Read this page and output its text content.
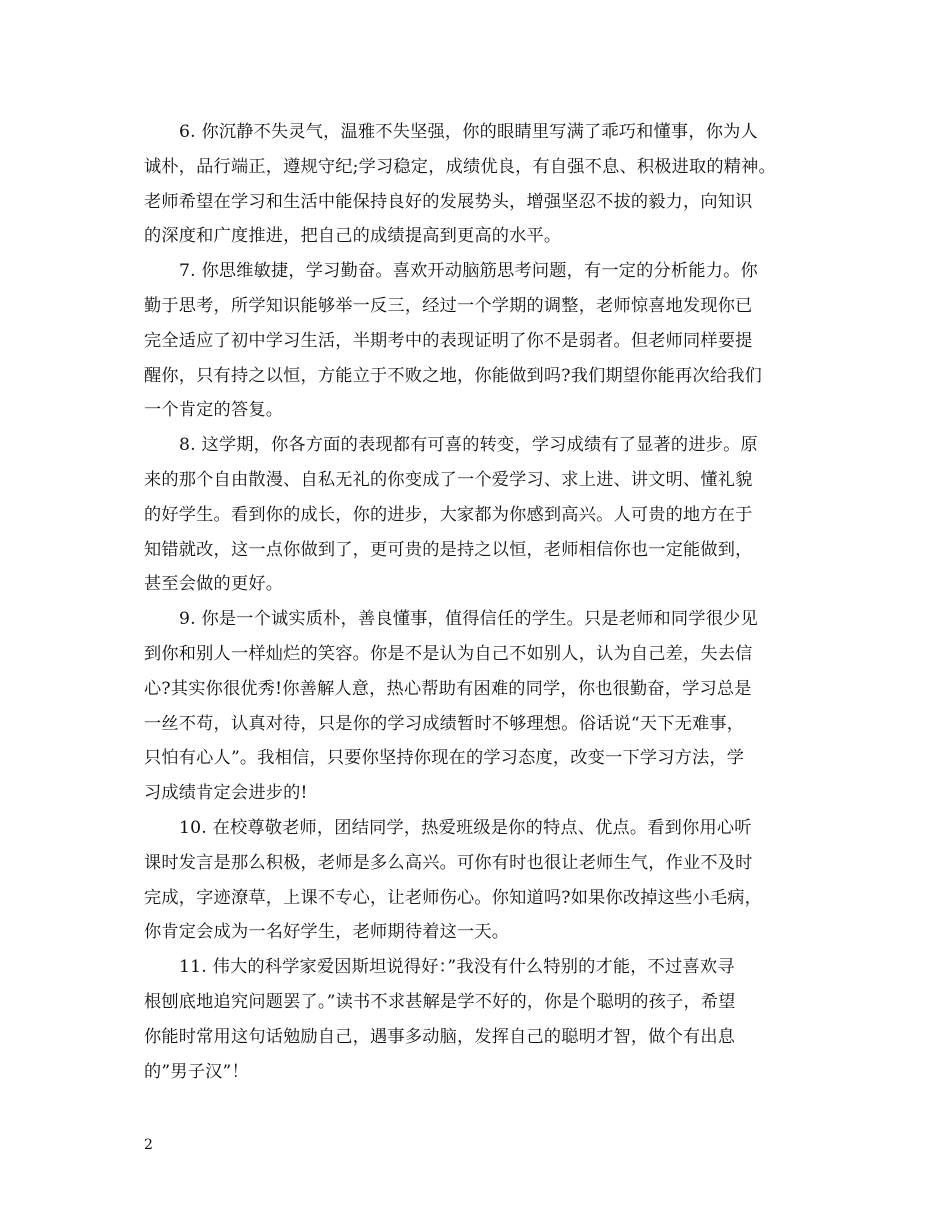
6. 你沉静不失灵气，温雅不失坚强，你的眼睛里写满了乖巧和懂事，你为人
诚朴，品行端正，遵规守纪;学习稳定，成绩优良，有自强不息、积极进取的精神。
老师希望在学习和生活中能保持良好的发展势头，增强坚忍不拔的毅力，向知识
的深度和广度推进，把自己的成绩提高到更高的水平。
7. 你思维敏捷，学习勤奋。喜欢开动脑筋思考问题，有一定的分析能力。你
勤于思考，所学知识能够举一反三，经过一个学期的调整，老师惊喜地发现你已
完全适应了初中学习生活，半期考中的表现证明了你不是弱者。但老师同样要提
醒你，只有持之以恒，方能立于不败之地，你能做到吗?我们期望你能再次给我们
一个肯定的答复。
8. 这学期，你各方面的表现都有可喜的转变，学习成绩有了显著的进步。原
来的那个自由散漫、自私无礼的你变成了一个爱学习、求上进、讲文明、懂礼貌
的好学生。看到你的成长，你的进步，大家都为你感到高兴。人可贵的地方在于
知错就改，这一点你做到了，更可贵的是持之以恒，老师相信你也一定能做到，
甚至会做的更好。
9. 你是一个诚实质朴，善良懂事，值得信任的学生。只是老师和同学很少见
到你和别人一样灿烂的笑容。你是不是认为自己不如别人，认为自己差，失去信
心?其实你很优秀!你善解人意，热心帮助有困难的同学，你也很勤奋，学习总是
一丝不苟，认真对待，只是你的学习成绩暂时不够理想。俗话说“天下无难事，
只怕有心人”。我相信，只要你坚持你现在的学习态度，改变一下学习方法，学
习成绩肯定会进步的!
10. 在校尊敬老师，团结同学，热爱班级是你的特点、优点。看到你用心听
课时发言是那么积极，老师是多么高兴。可你有时也很让老师生气，作业不及时
完成，字迹潦草，上课不专心，让老师伤心。你知道吗?如果你改掉这些小毛病，
你肯定会成为一名好学生，老师期待着这一天。
11. 伟大的科学家爱因斯坦说得好：”我没有什么特别的才能，不过喜欢寻
根刨底地追究问题罢了。”读书不求甚解是学不好的，你是个聪明的孩子，希望
你能时常用这句话勉励自己，遇事多动脑，发挥自己的聪明才智，做个有出息
的”男子汉”！
2
